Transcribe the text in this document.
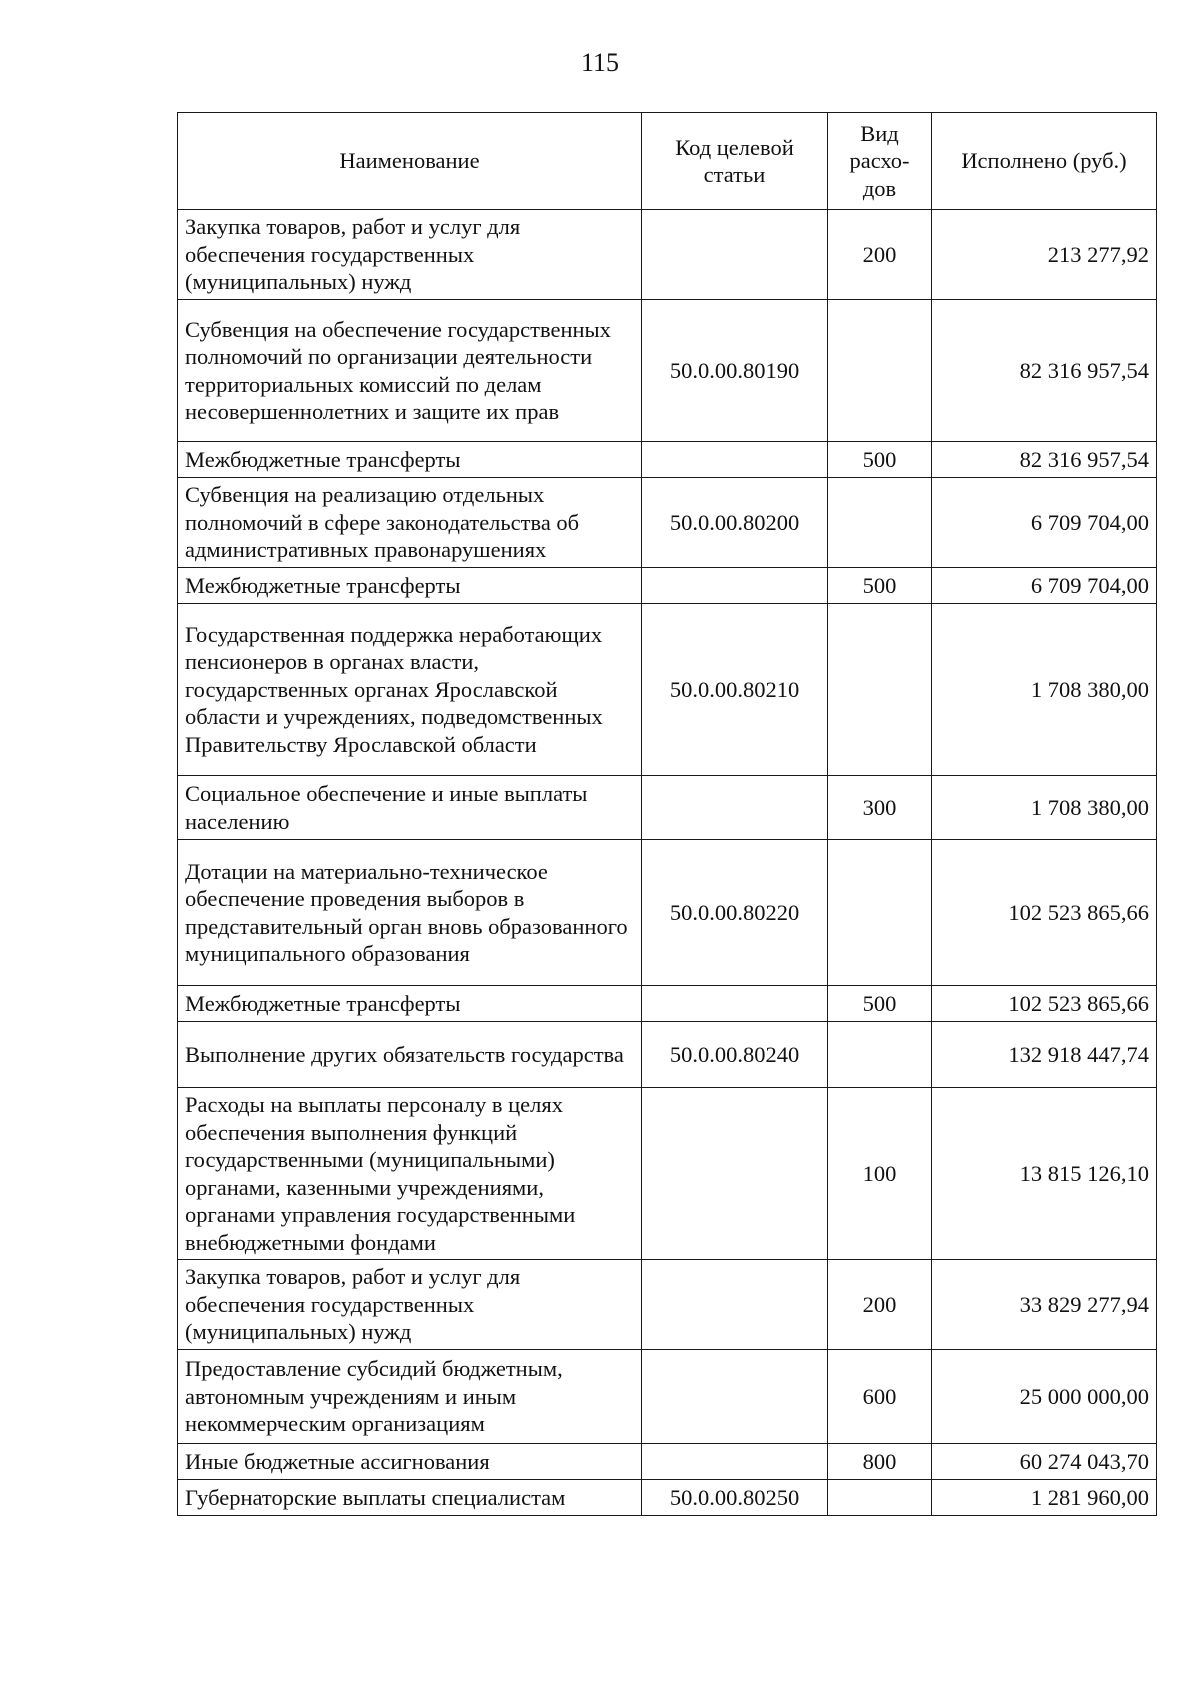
115
Наименование	Код целевой статьи	Вид расхо-дов	Исполнено (руб.)
Закупка товаров, работ и услуг для обеспечения государственных (муниципальных) нужд		200	213 277,92
Субвенция на обеспечение государственных полномочий по организации деятельности территориальных комиссий по делам несовершеннолетних и защите их прав	50.0.00.80190		82 316 957,54
Межбюджетные трансферты		500	82 316 957,54
Субвенция на реализацию отдельных полномочий в сфере законодательства об административных правонарушениях	50.0.00.80200		6 709 704,00
Межбюджетные трансферты		500	6 709 704,00
Государственная поддержка неработающих пенсионеров в органах власти, государственных органах Ярославской области и учреждениях, подведомственных Правительству Ярославской области	50.0.00.80210		1 708 380,00
Социальное обеспечение и иные выплаты населению		300	1 708 380,00
Дотации на материально-техническое обеспечение проведения выборов в представительный орган вновь образованного муниципального образования	50.0.00.80220		102 523 865,66
Межбюджетные трансферты		500	102 523 865,66
Выполнение других обязательств государства	50.0.00.80240		132 918 447,74
Расходы на выплаты персоналу в целях обеспечения выполнения функций государственными (муниципальными) органами, казенными учреждениями, органами управления государственными внебюджетными фондами		100	13 815 126,10
Закупка товаров, работ и услуг для обеспечения государственных (муниципальных) нужд		200	33 829 277,94
Предоставление субсидий бюджетным, автономным учреждениям и иным некоммерческим организациям		600	25 000 000,00
Иные бюджетные ассигнования		800	60 274 043,70
Губернаторские выплаты специалистам	50.0.00.80250		1 281 960,00
